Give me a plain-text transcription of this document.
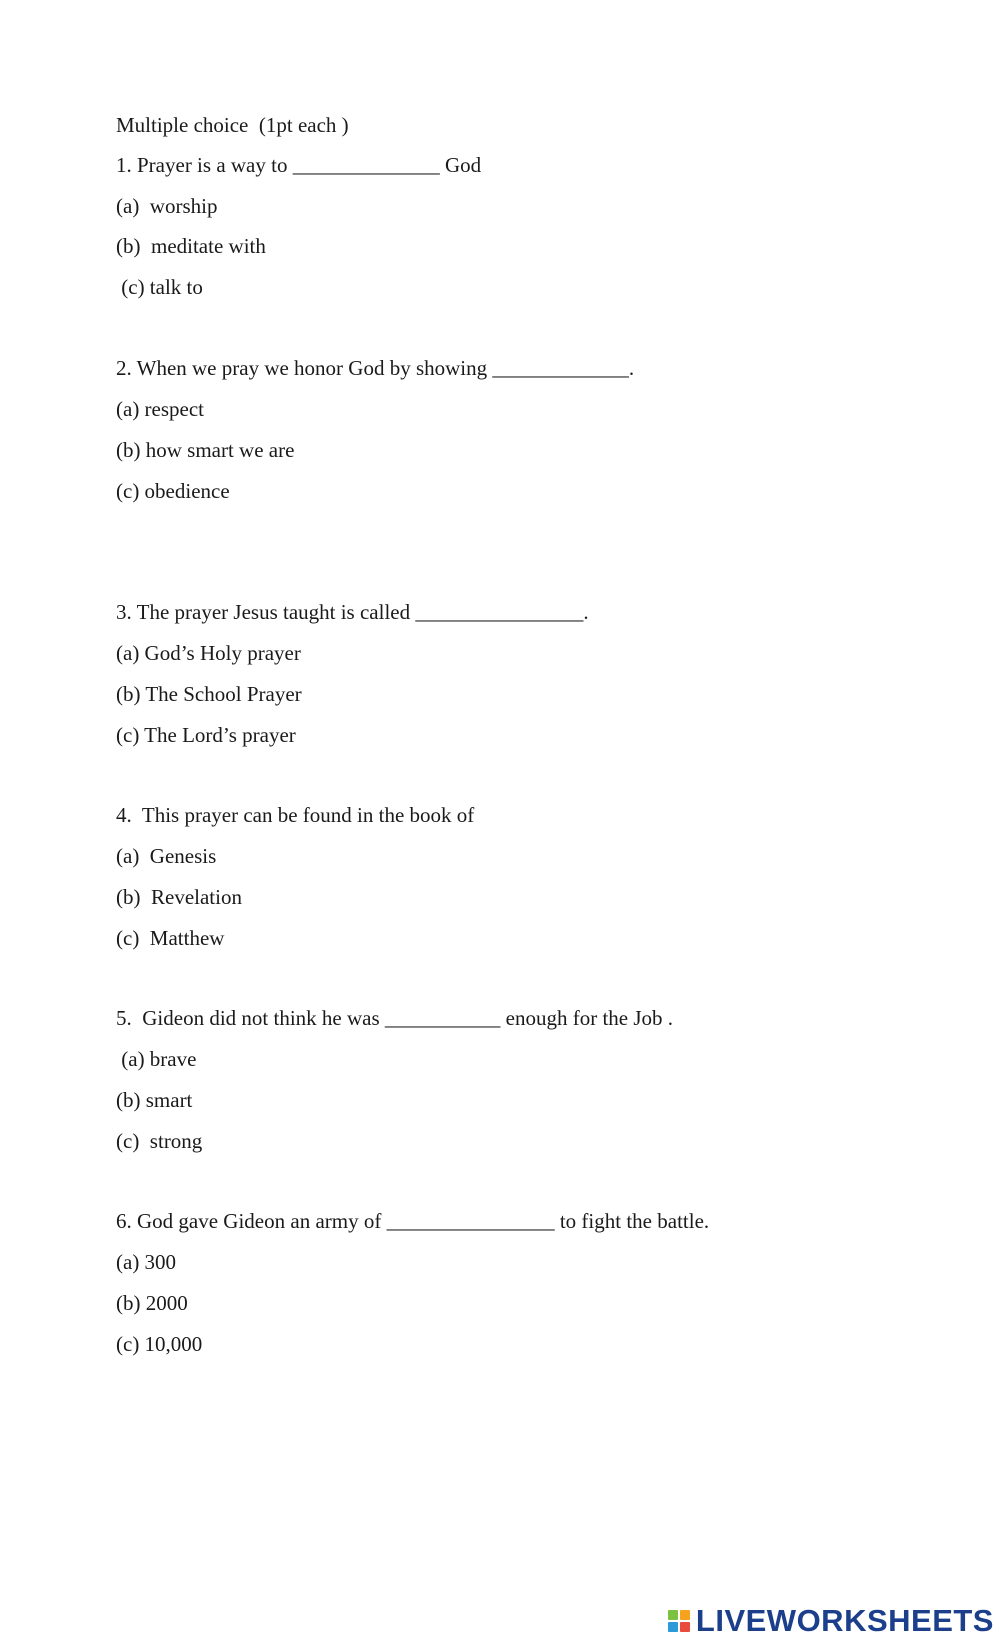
Multiple choice  (1pt each )
1. Prayer is a way to ______________ God
(a)  worship
(b)  meditate with
(c) talk to
2. When we pray we honor God by showing _____________.
(a) respect
(b) how smart we are
(c) obedience
3. The prayer Jesus taught is called ________________.
(a) God’s Holy prayer
(b) The School Prayer
(c) The Lord’s prayer
4.  This prayer can be found in the book of
(a)  Genesis
(b)  Revelation
(c)  Matthew
5.  Gideon did not think he was ___________ enough for the Job .
(a) brave
(b) smart
(c)  strong
6. God gave Gideon an army of ________________ to fight the battle.
(a) 300
(b) 2000
(c) 10,000
LIVEWORKSHEETS
